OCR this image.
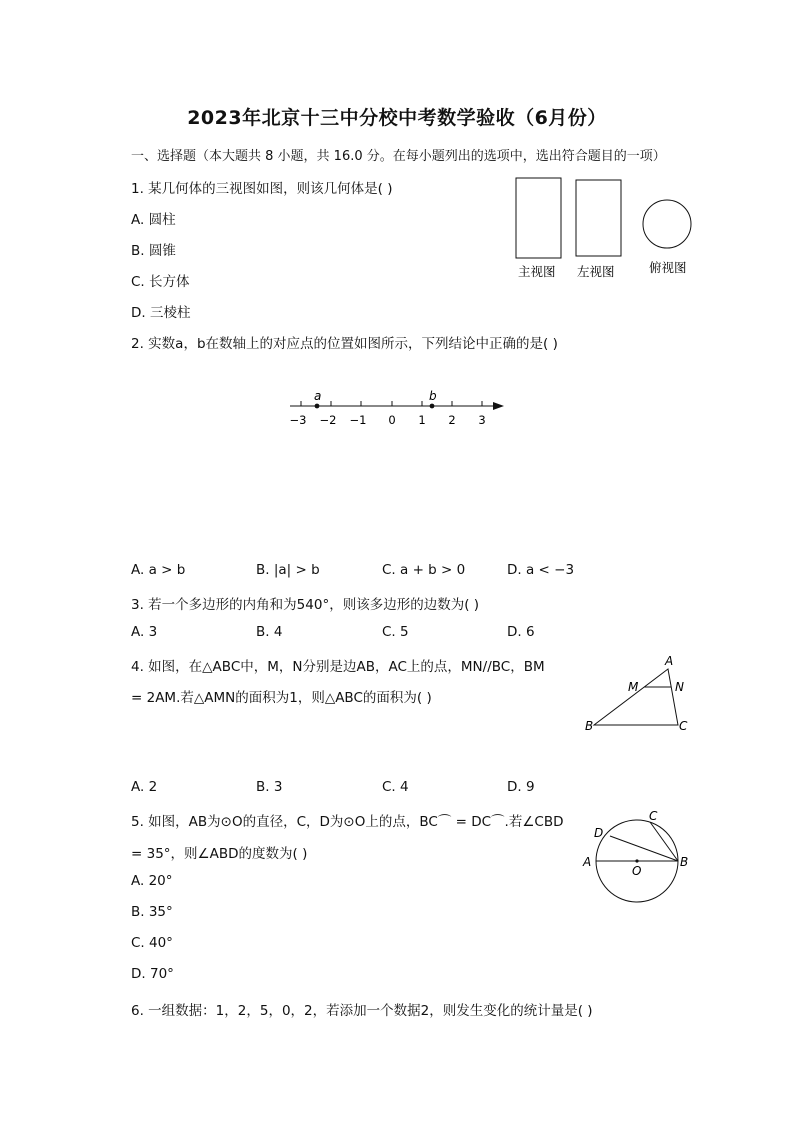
2023年北京十三中分校中考数学验收（6月份）
一、选择题（本大题共 8 小题，共 16.0 分。在每小题列出的选项中，选出符合题目的一项）
1. 某几何体的三视图如图，则该几何体是( )
A. 圆柱
B. 圆锥
C. 长方体
D. 三棱柱
主视图 左视图	俯视图
2. 实数a，b在数轴上的对应点的位置如图所示，下列结论中正确的是( )
a	b
−3 −2 −1 0 1 2 3
A. a > b	B. |a| > b	C. a + b > 0	D. a < −3
3. 若一个多边形的内角和为540°，则该多边形的边数为( )
A. 3	B. 4	C. 5	D. 6
4. 如图，在△ABC中，M，N分别是边AB，AC上的点，MN//BC，BM
= 2AM.若△AMN的面积为1，则△ABC的面积为( )
A
M	N
B	C
A. 2	B. 3	C. 4	D. 9
5. 如图，AB为⊙O的直径，C，D为⊙O上的点，BC⌒ = DC⌒.若∠CBD
= 35°，则∠ABD的度数为( )	A	B
C
D
O
A. 20°
B. 35°
C. 40°
D. 70°
6. 一组数据：1，2，5，0，2，若添加一个数据2，则发生变化的统计量是( )
